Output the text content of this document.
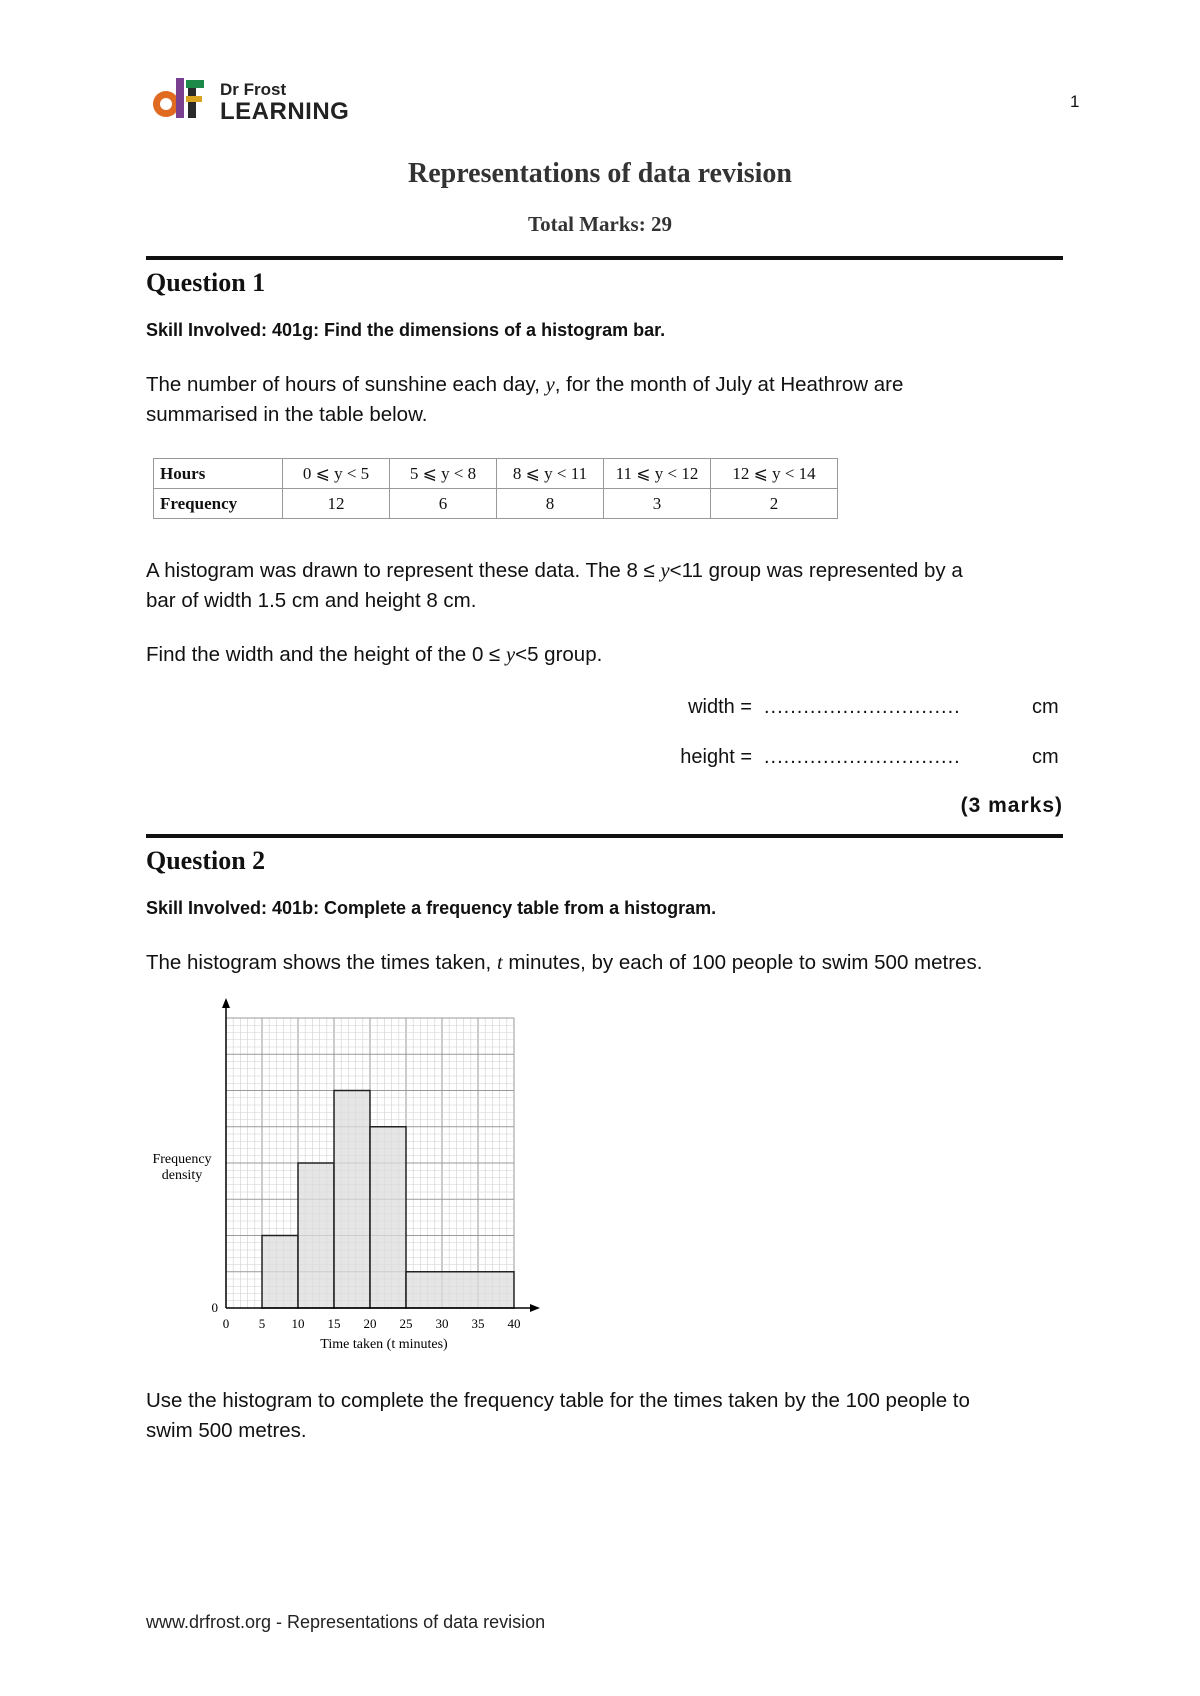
Dr Frost
LEARNING	1
Representations of data revision
Total Marks: 29
Question 1
Skill Involved: 401g: Find the dimensions of a histogram bar.
The number of hours of sunshine each day, y, for the month of July at Heathrow are
summarised in the table below.
Hours	0 ⩽ y < 5	5 ⩽ y < 8	8 ⩽ y < 11	11 ⩽ y < 12	12 ⩽ y < 14
Frequency	12	6	8	3	2
A histogram was drawn to represent these data. The 8 ≤ y<11 group was represented by a
bar of width 1.5 cm and height 8 cm.
Find the width and the height of the 0 ≤ y<5 group.
width = ..............................	cm
height = ..............................	cm
(3 marks)
Question 2
Skill Involved: 401b: Complete a frequency table from a histogram.
The histogram shows the times taken, t minutes, by each of 100 people to swim 500 metres.
Frequency
density
0
0 5 10 15 20 25 30 35 40
Time taken (t minutes)
Use the histogram to complete the frequency table for the times taken by the 100 people to
swim 500 metres.
www.drfrost.org - Representations of data revision
